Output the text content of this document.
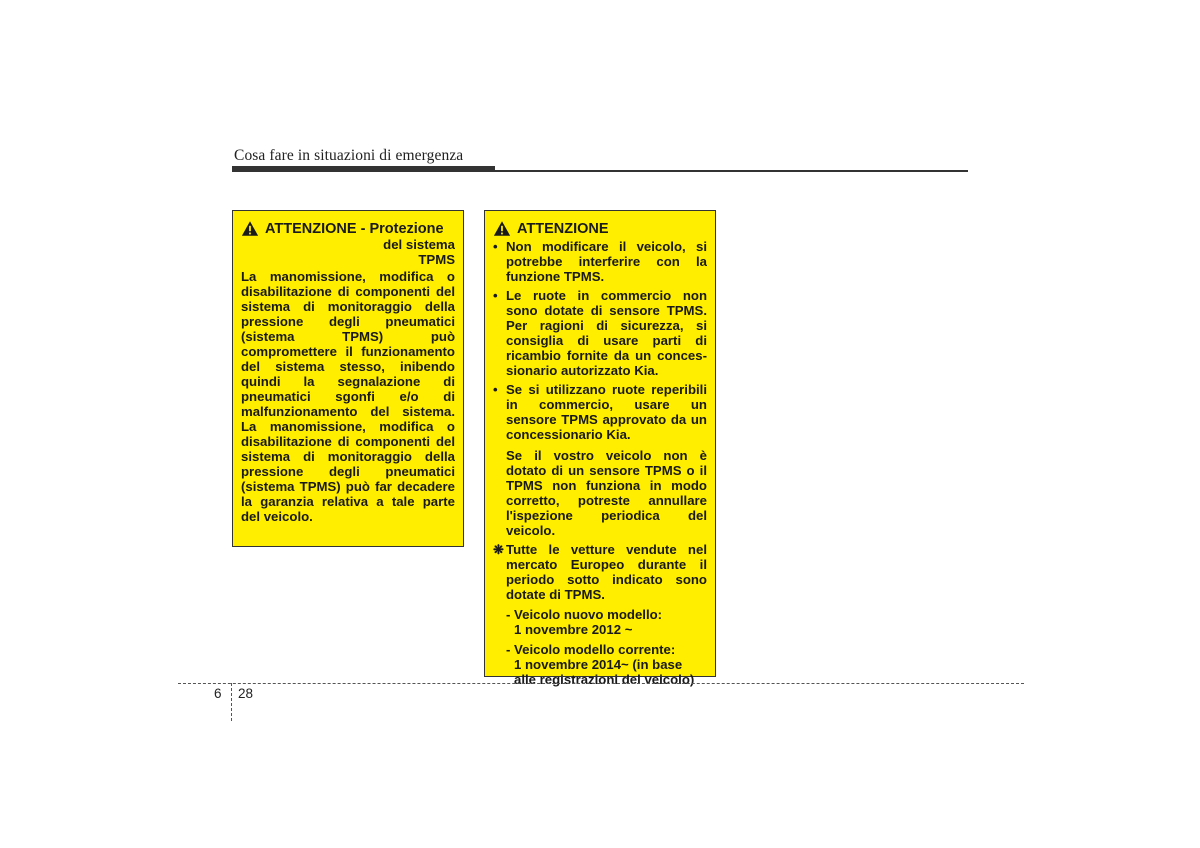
Cosa fare in situazioni di emergenza
ATTENZIONE - Protezione
del sistema
TPMS
La manomissione, modifica o disabilitazione di componenti del sistema di monitoraggio della pressione degli pneumatici (sistema TPMS) può compromettere il funzionamento del sistema stesso, inibendo quindi la segnalazione di pneumatici sgonfi e/o di malfunzionamento del sistema. La manomissione, modifica o disabilitazione di componenti del sistema di monitoraggio della pressione degli pneumatici (sistema TPMS) può far decadere la garanzia relativa a tale parte del veicolo.
ATTENZIONE
• Non modificare il veicolo, si potrebbe interferire con la funzione TPMS.
• Le ruote in commercio non sono dotate di sensore TPMS. Per ragioni di sicurezza, si consiglia di usare parti di ricambio fornite da un conces-sionario autorizzato Kia.
• Se si utilizzano ruote reperibili in commercio, usare un sensore TPMS approvato da un concessionario Kia.
Se il vostro veicolo non è dotato di un sensore TPMS o il TPMS non funziona in modo corretto, potreste annullare l'ispezione periodica del veicolo.
❋ Tutte le vetture vendute nel mercato Europeo durante il periodo sotto indicato sono dotate di TPMS.
- Veicolo nuovo modello:
1 novembre 2012 ~
- Veicolo modello corrente:
1 novembre 2014~ (in base
alle registrazioni del veicolo)
6 28
